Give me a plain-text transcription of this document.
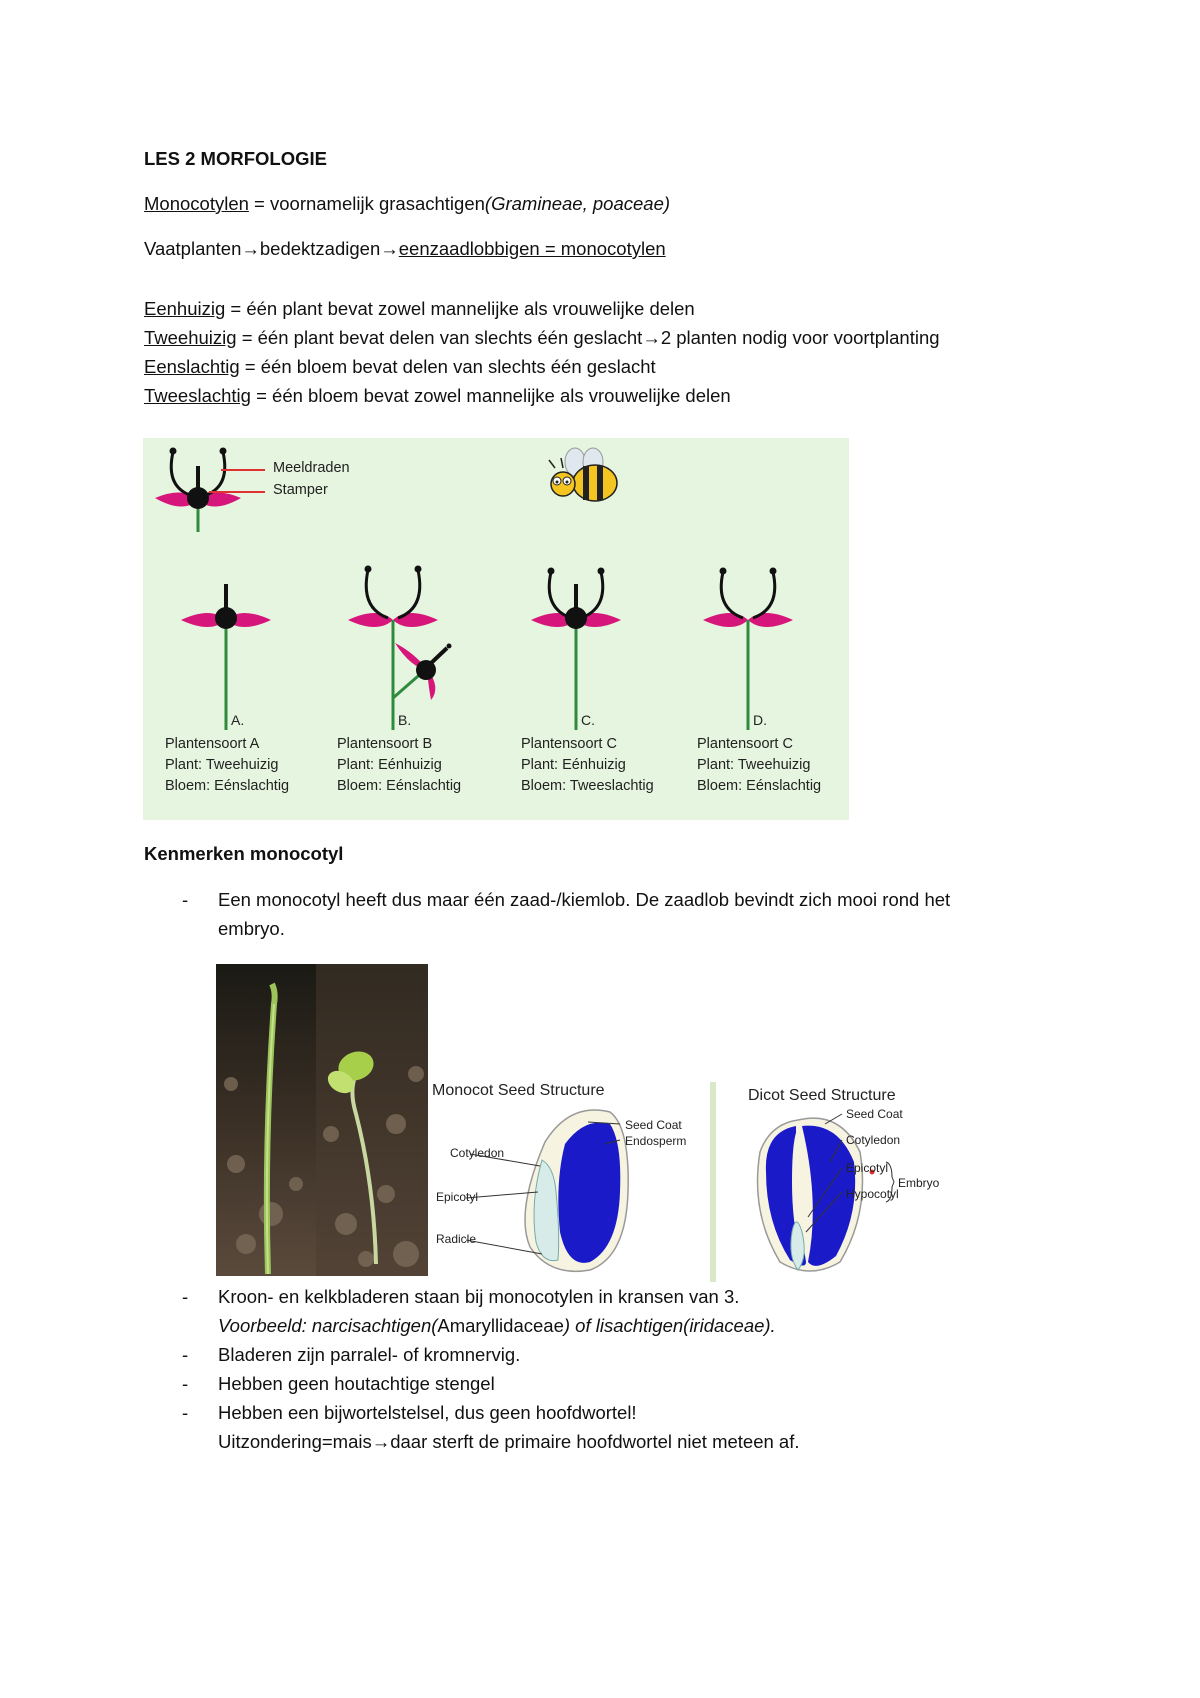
LES 2 MORFOLOGIE
Monocotylen = voornamelijk grasachtigen(Gramineae, poaceae)
Vaatplanten→bedektzadigen→eenzaadlobbigen = monocotylen
Eenhuizig = één plant bevat zowel mannelijke als vrouwelijke delen
Tweehuizig = één plant bevat delen van slechts één geslacht→2 planten nodig voor voortplanting
Eenslachtig = één bloem bevat delen van slechts één geslacht
Tweeslachtig = één bloem bevat zowel mannelijke als vrouwelijke delen
Meeldraden
Stamper
A.	B.	C.	D.
Plantensoort A
Plant: Tweehuizig
Bloem: Eénslachtig
Plantensoort B
Plant: Eénhuizig
Bloem: Eénslachtig
Plantensoort C
Plant: Eénhuizig
Bloem: Tweeslachtig
Plantensoort C
Plant: Tweehuizig
Bloem: Eénslachtig
Kenmerken monocotyl
- Een monocotyl heeft dus maar één zaad-/kiemlob. De zaadlob bevindt zich mooi rond het
embryo.
Monocot Seed Structure
Seed Coat
Endosperm
Cotyledon
Epicotyl
Radicle
Dicot Seed Structure
Seed Coat
Cotyledon
Epicotyl
Hypocotyl
Embryo
- Kroon- en kelkbladeren staan bij monocotylen in kransen van 3.
Voorbeeld: narcisachtigen(Amaryllidaceae) of lisachtigen(iridaceae).
- Bladeren zijn parralel- of kromnervig.
- Hebben geen houtachtige stengel
- Hebben een bijwortelstelsel, dus geen hoofdwortel!
Uitzondering=mais→daar sterft de primaire hoofdwortel niet meteen af.
